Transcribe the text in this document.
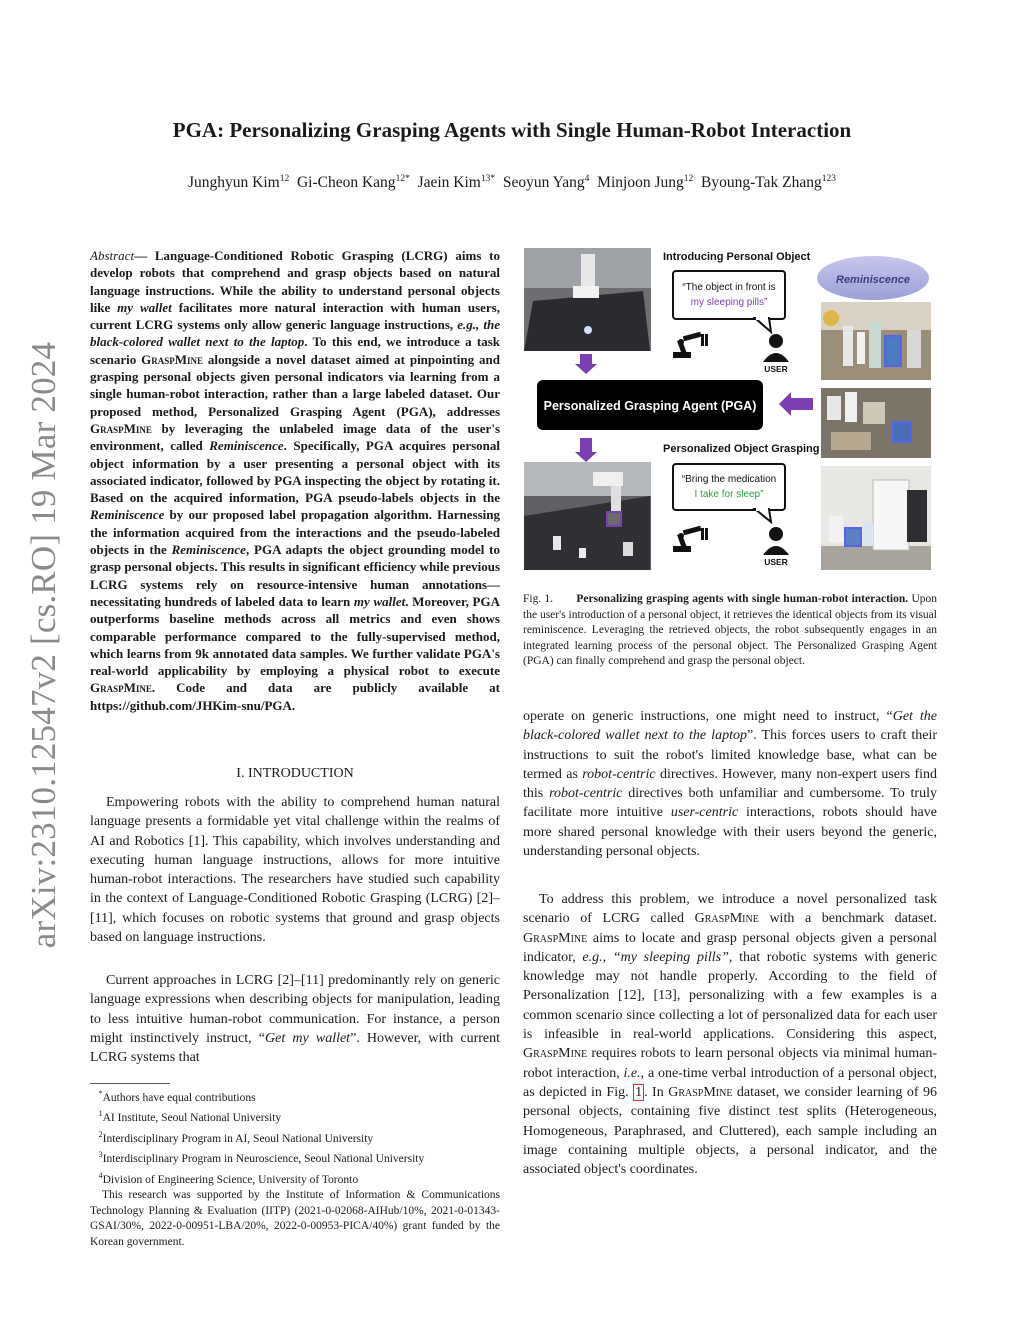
arXiv:2310.12547v2 [cs.RO] 19 Mar 2024
PGA: Personalizing Grasping Agents with Single Human-Robot Interaction
Junghyun Kim$^{12}$ Gi-Cheon Kang$^{12*}$ Jaein Kim$^{13*}$ Seoyun Yang$^4$ Minjoon Jung$^{12}$ Byoung-Tak Zhang$^{123}$
Abstract— Language-Conditioned Robotic Grasping (LCRG) aims to develop robots that comprehend and grasp objects based on natural language instructions. While the ability to understand personal objects like my wallet facilitates more natural interaction with human users, current LCRG systems only allow generic language instructions, e.g., the black-colored wallet next to the laptop. To this end, we introduce a task scenario GraspMine alongside a novel dataset aimed at pinpointing and grasping personal objects given personal indicators via learning from a single human-robot interaction, rather than a large labeled dataset. Our proposed method, Personalized Grasping Agent (PGA), addresses GraspMine by leveraging the unlabeled image data of the user's environment, called Reminiscence. Specifically, PGA acquires personal object information by a user presenting a personal object with its associated indicator, followed by PGA inspecting the object by rotating it. Based on the acquired information, PGA pseudo-labels objects in the Reminiscence by our proposed label propagation algorithm. Harnessing the information acquired from the interactions and the pseudo-labeled objects in the Reminiscence, PGA adapts the object grounding model to grasp personal objects. This results in significant efficiency while previous LCRG systems rely on resource-intensive human annotations—necessitating hundreds of labeled data to learn my wallet. Moreover, PGA outperforms baseline methods across all metrics and even shows comparable performance compared to the fully-supervised method, which learns from 9k annotated data samples. We further validate PGA's real-world applicability by employing a physical robot to execute GraspMine. Code and data are publicly available at https://github.com/JHKim-snu/PGA.
I. INTRODUCTION

Empowering robots with the ability to comprehend human natural language presents a formidable yet vital challenge within the realms of AI and Robotics [1]. This capability, which involves understanding and executing human language instructions, allows for more intuitive human-robot interactions. The researchers have studied such capability in the context of Language-Conditioned Robotic Grasping (LCRG) [2]–[11], which focuses on robotic systems that ground and grasp objects based on language instructions.

Current approaches in LCRG [2]–[11] predominantly rely on generic language expressions when describing objects for manipulation, leading to less intuitive human-robot communication. For instance, a person might instinctively instruct, “Get my wallet”. However, with current LCRG systems that

*Authors have equal contributions

$^1$AI Institute, Seoul National University

$^2$Interdisciplinary Program in AI, Seoul National University

$^3$Interdisciplinary Program in Neuroscience, Seoul National University

$^4$Division of Engineering Science, University of Toronto

This research was supported by the Institute of Information & Communications Technology Planning & Evaluation (IITP) (2021-0-02068-AIHub/10%, 2021-0-01343-GSAI/30%, 2022-0-00951-LBA/20%, 2022-0-00953-PICA/40%) grant funded by the Korean government.

Introducing Personal Object
“The object in front is
my sleeping pills”
USER
Reminiscence
Personalized Grasping Agent (PGA)
Personalized Object Grasping
“Bring the medication
I take for sleep”
USER
Fig. 1. Personalizing grasping agents with single human-robot interaction. Upon the user's introduction of a personal object, it retrieves the identical objects from its visual reminiscence. Leveraging the retrieved objects, the robot subsequently engages in an integrated learning process of the personal object. The Personalized Grasping Agent (PGA) can finally comprehend and grasp the personal object.

operate on generic instructions, one might need to instruct, “Get the black-colored wallet next to the laptop”. This forces users to craft their instructions to suit the robot's limited knowledge base, what can be termed as robot-centric directives. However, many non-expert users find this robot-centric directives both unfamiliar and cumbersome. To truly facilitate more intuitive user-centric interactions, robots should have more shared personal knowledge with their users beyond the generic, understanding personal objects.

To address this problem, we introduce a novel personalized task scenario of LCRG called GraspMine with a benchmark dataset. GraspMine aims to locate and grasp personal objects given a personal indicator, e.g., “my sleeping pills”, that robotic systems with generic knowledge may not handle properly. According to the field of Personalization [12], [13], personalizing with a few examples is a common scenario since collecting a lot of personalized data for each user is infeasible in real-world applications. Considering this aspect, GraspMine requires robots to learn personal objects via minimal human-robot interaction, i.e., a one-time verbal introduction of a personal object, as depicted in Fig. 1 . In GraspMine dataset, we consider learning of 96 personal objects, containing five distinct test splits (Heterogeneous, Homogeneous, Paraphrased, and Cluttered), each sample including an image containing multiple objects, a personal indicator, and the associated object's coordinates.
